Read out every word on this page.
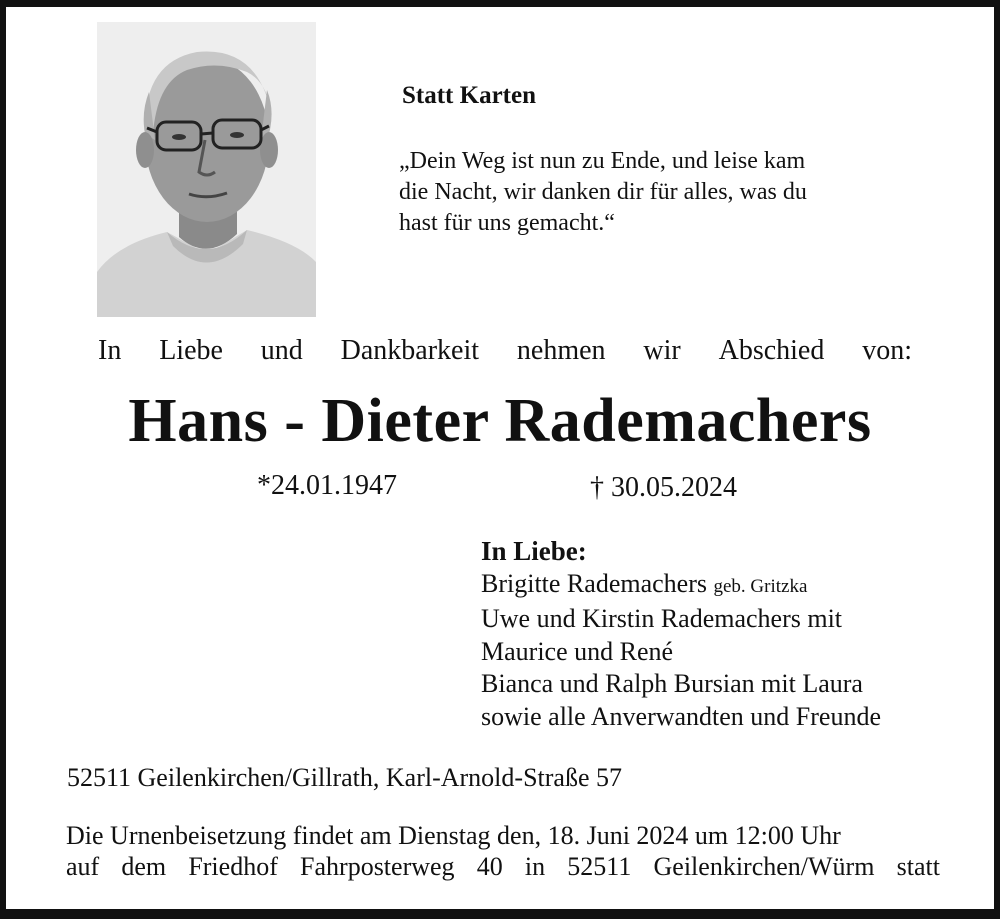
Statt Karten
„Dein Weg ist nun zu Ende, und leise kam
die Nacht, wir danken dir für alles, was du
hast für uns gemacht.“
In Liebe und Dankbarkeit nehmen wir Abschied von:
Hans - Dieter Rademachers
*24.01.1947	† 30.05.2024
In Liebe:
Brigitte Rademachers geb. Gritzka
Uwe und Kirstin Rademachers mit
Maurice und René
Bianca und Ralph Bursian mit Laura
sowie alle Anverwandten und Freunde
52511 Geilenkirchen/Gillrath, Karl-Arnold-Straße 57
Die Urnenbeisetzung findet am Dienstag den, 18. Juni 2024 um 12:00 Uhr
auf dem Friedhof Fahrposterweg 40 in 52511 Geilenkirchen/Würm statt
